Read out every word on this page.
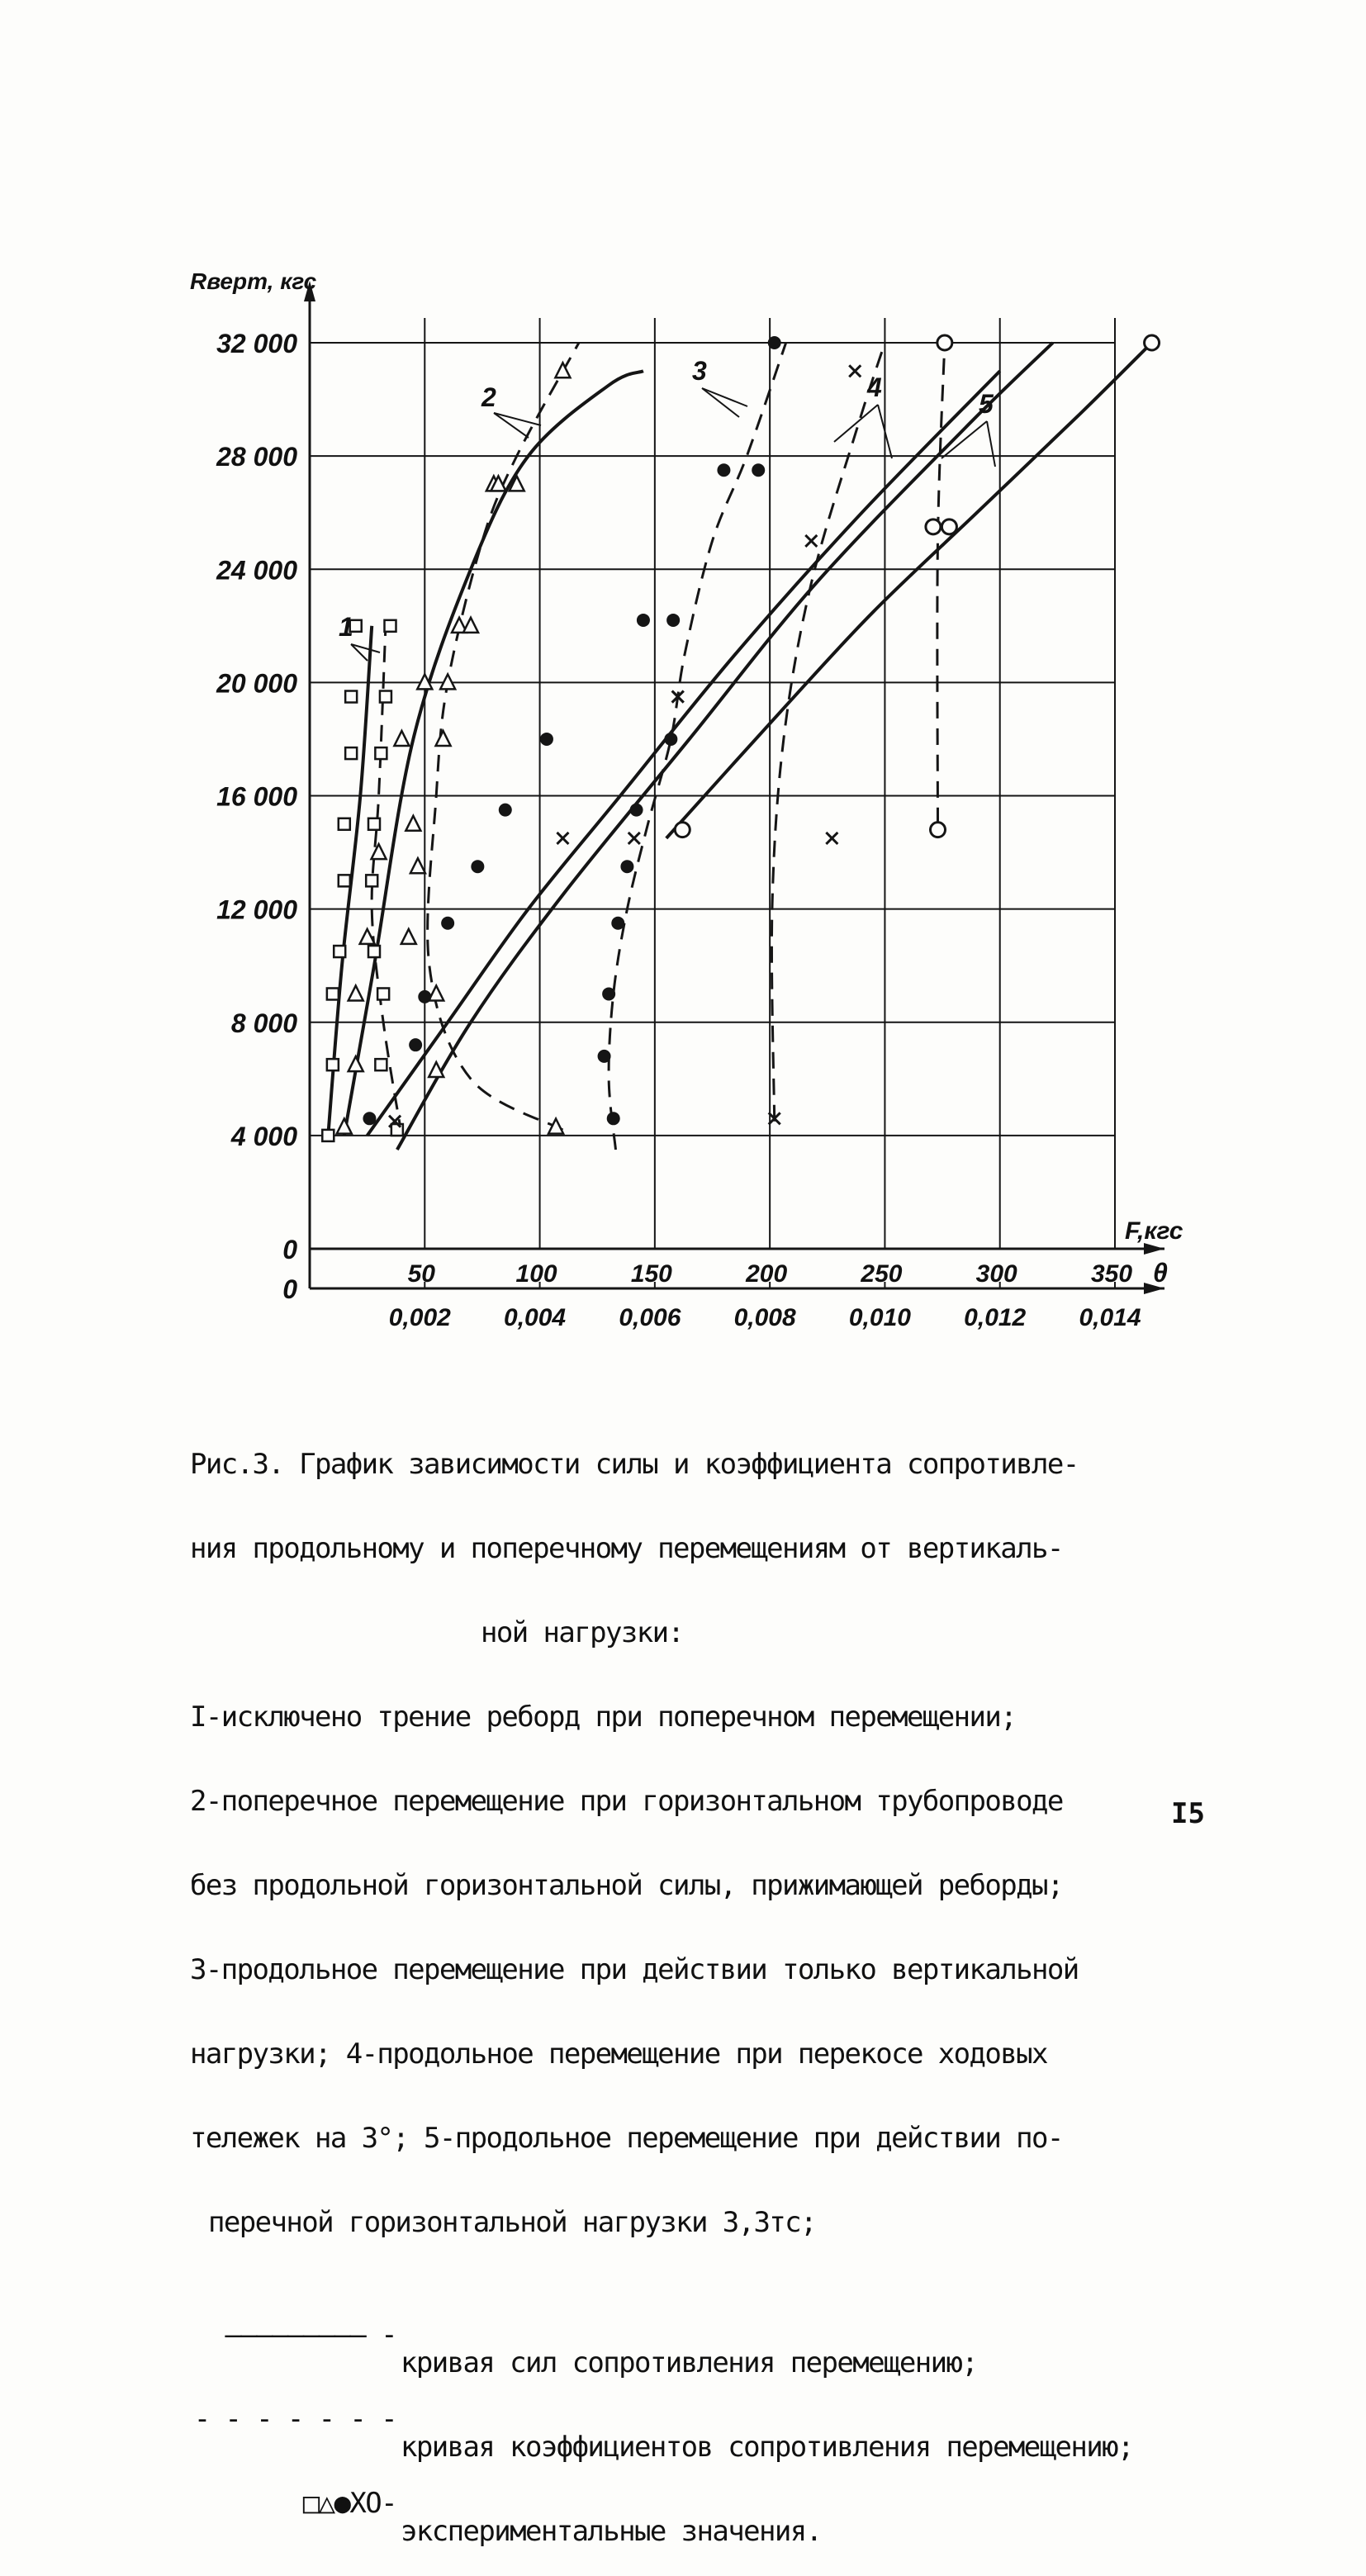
0
4 000
8 000
12 000
16 000
20 000
24 000
28 000
32 000
Rверт, кгс
50	100	150	200	250	300	350
F,кгс
0,002 0,004 0,006 0,008 0,010 0,012 0,014
θ
0
1
2
3
4
5

Рис.3. График зависимости силы и коэффициента сопротивле-

ния продольному и поперечному перемещениям от вертикаль-

ной нагрузки:

I-исключено трение реборд при поперечном перемещении;

2-поперечное перемещение при горизонтальном трубопроводе

без продольной горизонтальной силы, прижимающей реборды;

3-продольное перемещение при действии только вертикальной

нагрузки; 4-продольное перемещение при перекосе ходовых

тележек на 3°; 5-продольное перемещение при действии по-

перечной горизонтальной нагрузки 3,3тс;

————————— -

кривая сил сопротивления перемещению;

- - - - - - -

кривая коэффициентов сопротивления перемещению;

□△●ХО-

экспериментальные значения.

I5
